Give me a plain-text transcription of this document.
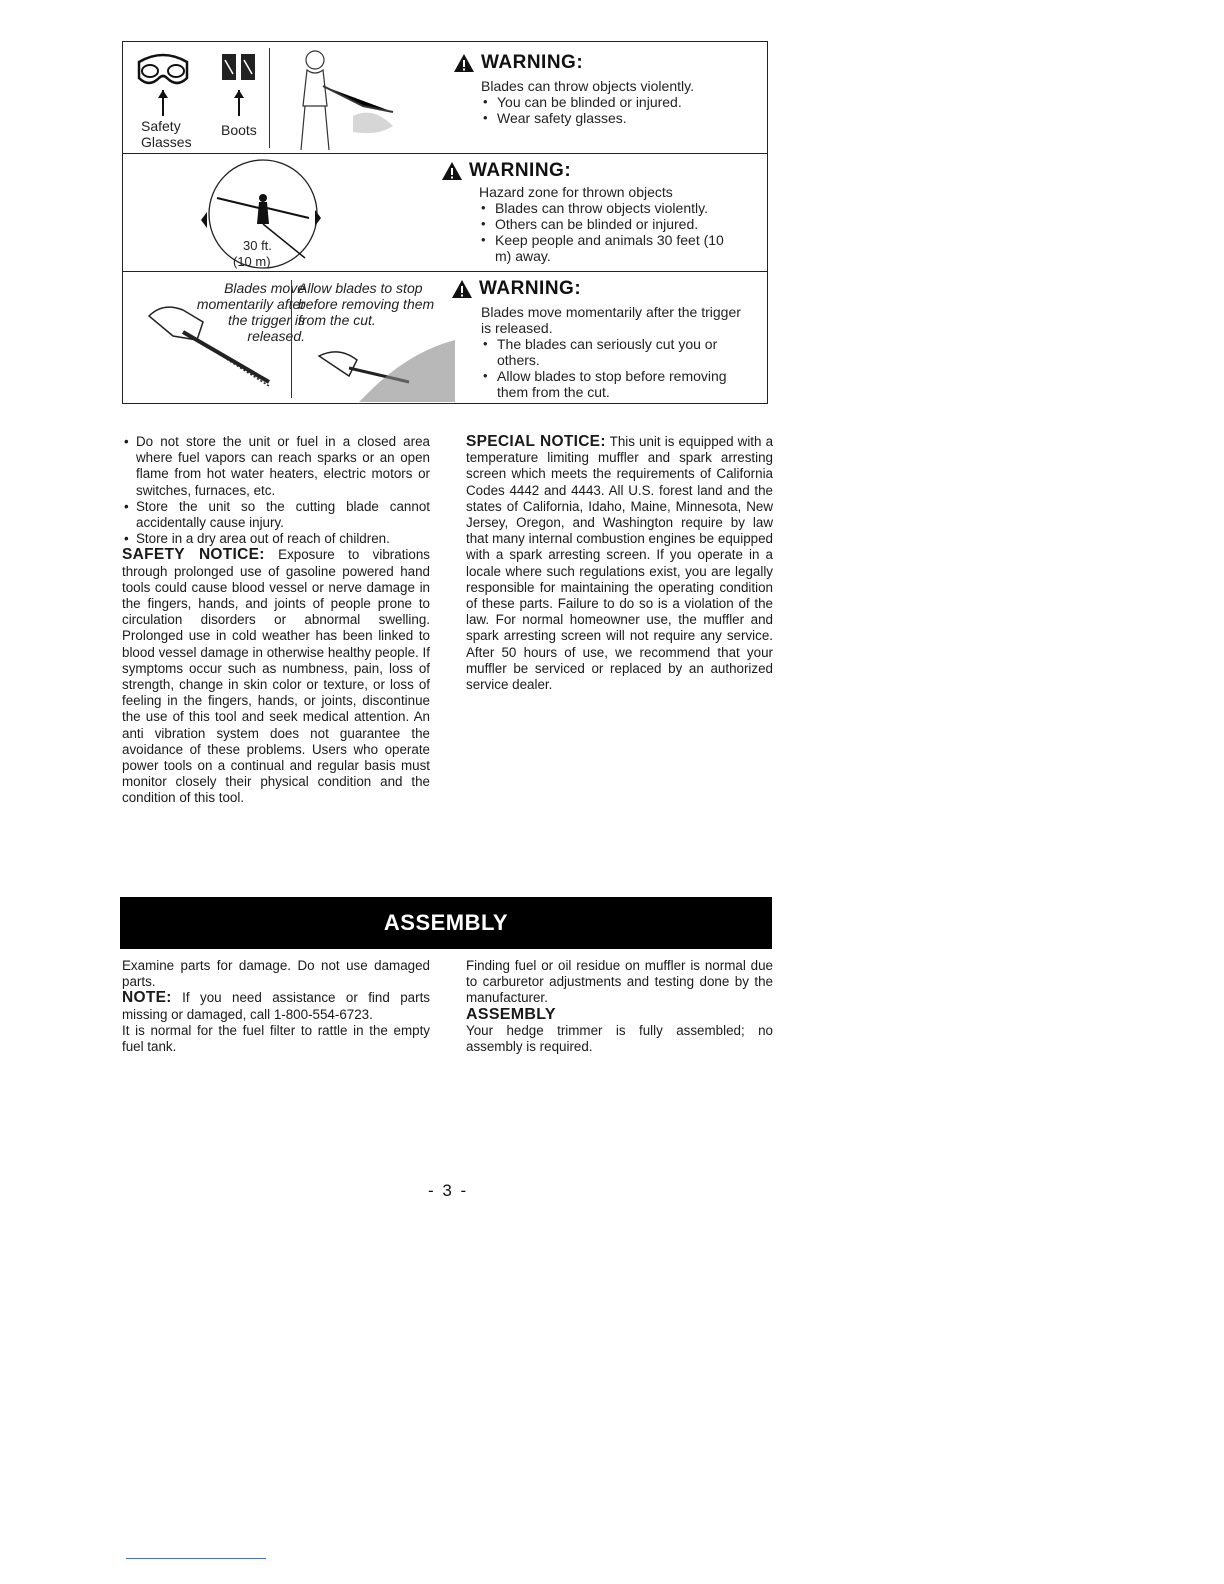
Safety Glasses
Boots
WARNING:
Blades can throw objects violently.
• You can be blinded or injured.
• Wear safety glasses.
30 ft.
(10 m)
WARNING:
Hazard zone for thrown objects
• Blades can throw objects violently.
• Others can be blinded or injured.
• Keep people and animals 30 feet (10 m) away.
Blades move momentarily after the trigger is released.
Allow blades to stop before removing them from the cut.
WARNING:
Blades move momentarily after the trigger is released.
• The blades can seriously cut you or others.
• Allow blades to stop before removing them from the cut.
• Do not store the unit or fuel in a closed area where fuel vapors can reach sparks or an open flame from hot water heaters, electric motors or switches, furnaces, etc.
• Store the unit so the cutting blade cannot accidentally cause injury.
• Store in a dry area out of reach of children.

SAFETY NOTICE: Exposure to vibrations through prolonged use of gasoline powered hand tools could cause blood vessel or nerve damage in the fingers, hands, and joints of people prone to circulation disorders or abnormal swelling. Prolonged use in cold weather has been linked to blood vessel damage in otherwise healthy people. If symptoms occur such as numbness, pain, loss of strength, change in skin color or texture, or loss of feeling in the fingers, hands, or joints, discontinue the use of this tool and seek medical attention. An anti vibration system does not guarantee the avoidance of these problems. Users who operate power tools on a continual and regular basis must monitor closely their physical condition and the condition of this tool.

SPECIAL NOTICE: This unit is equipped with a temperature limiting muffler and spark arresting screen which meets the requirements of California Codes 4442 and 4443. All U.S. forest land and the states of California, Idaho, Maine, Minnesota, New Jersey, Oregon, and Washington require by law that many internal combustion engines be equipped with a spark arresting screen. If you operate in a locale where such regulations exist, you are legally responsible for maintaining the operating condition of these parts. Failure to do so is a violation of the law. For normal homeowner use, the muffler and spark arresting screen will not require any service. After 50 hours of use, we recommend that your muffler be serviced or replaced by an authorized service dealer.

ASSEMBLY

Examine parts for damage. Do not use damaged parts.

NOTE: If you need assistance or find parts missing or damaged, call 1-800-554-6723.

It is normal for the fuel filter to rattle in the empty fuel tank.

Finding fuel or oil residue on muffler is normal due to carburetor adjustments and testing done by the manufacturer.

ASSEMBLY

Your hedge trimmer is fully assembled; no assembly is required.

- 3 -
